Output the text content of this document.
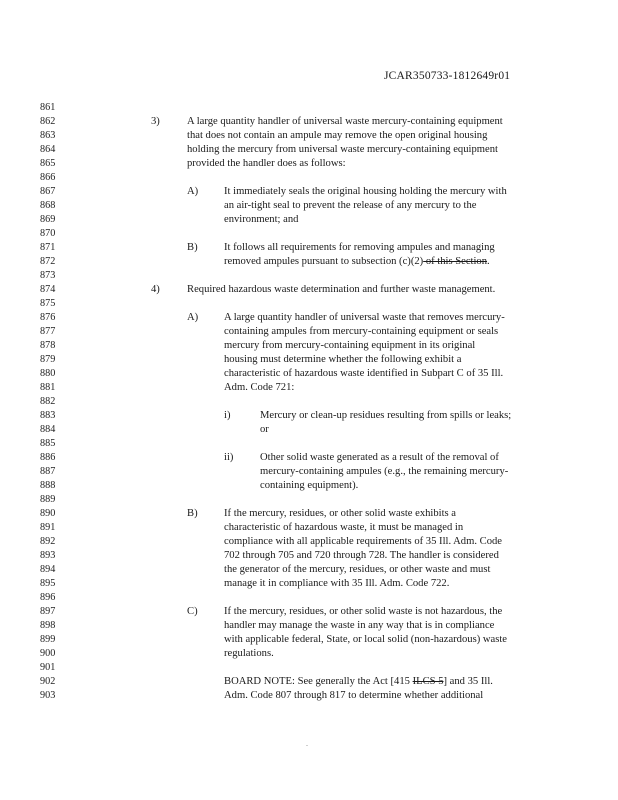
JCAR350733-1812649r01
861
862
863
864
865
866
867
868
869
870
871
872
873
874
875
876
877
878
879
880
881
882
883
884
885
886
887
888
889
890
891
892
893
894
895
896
897
898
899
900
901
902
903
3)	A large quantity handler of universal waste mercury-containing equipment
that does not contain an ampule may remove the open original housing
holding the mercury from universal waste mercury-containing equipment
provided the handler does as follows:
A) It immediately seals the original housing holding the mercury with
an air-tight seal to prevent the release of any mercury to the
environment; and
B) It follows all requirements for removing ampules and managing
removed ampules pursuant to subsection (c)(2) of this Section.
4)	Required hazardous waste determination and further waste management.
A) A large quantity handler of universal waste that removes mercury-
containing ampules from mercury-containing equipment or seals
mercury from mercury-containing equipment in its original
housing must determine whether the following exhibit a
characteristic of hazardous waste identified in Subpart C of 35 Ill.
Adm. Code 721:
i)	Mercury or clean-up residues resulting from spills or leaks;
or
ii)	Other solid waste generated as a result of the removal of
mercury-containing ampules (e.g., the remaining mercury-
containing equipment).
B) If the mercury, residues, or other solid waste exhibits a
characteristic of hazardous waste, it must be managed in
compliance with all applicable requirements of 35 Ill. Adm. Code
702 through 705 and 720 through 728. The handler is considered
the generator of the mercury, residues, or other waste and must
manage it in compliance with 35 Ill. Adm. Code 722.
C) If the mercury, residues, or other solid waste is not hazardous, the
handler may manage the waste in any way that is in compliance
with applicable federal, State, or local solid (non-hazardous) waste
regulations.
BOARD NOTE: See generally the Act [415 ILCS 5] and 35 Ill.
Adm. Code 807 through 817 to determine whether additional
